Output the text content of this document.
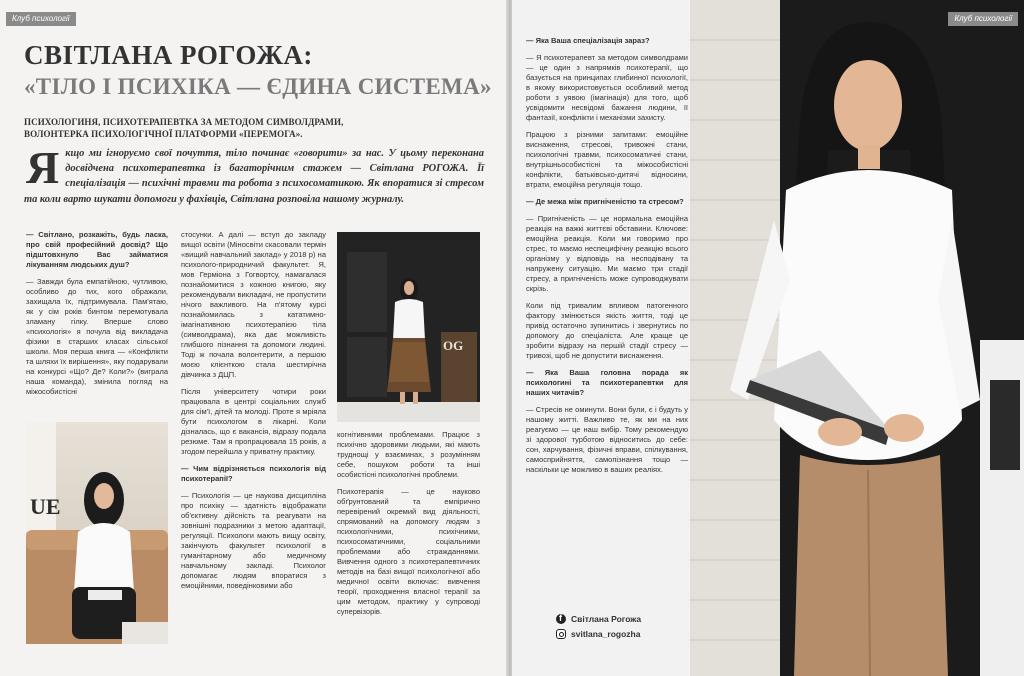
Клуб психології
СВІТЛАНА РОГОЖА:
«ТІЛО І ПСИХІКА — ЄДИНА СИСТЕМА»
ПСИХОЛОГИНЯ, ПСИХОТЕРАПЕВТКА ЗА МЕТОДОМ СИМВОЛДРАМИ,
ВОЛОНТЕРКА ПСИХОЛОГІЧНОЇ ПЛАТФОРМИ «ПЕРЕМОГА».
Я кщо ми ігноруємо свої почуття, тіло починає «говорити» за нас. У цьому переконана досвідчена психотерапевтка із багаторічним стажем — Світлана РОГОЖА. Її спеціалізація — психічні травми та робота з психосоматикою. Як впоратися зі стресом та коли варто шукати допомоги у фахівців, Світлана розповіла нашому журналу.

— Світлано, розкажіть, будь ласка, про свій професійний досвід? Що підштовхнуло Вас займатися лікуванням людських душ?

— Завжди була емпатійною, чутливою, особливо до тих, кого ображали, захищала їх, підтримувала. Пам'ятаю, як у сім років бинтом перемотувала зламану гілку. Вперше слово «психологія» я почула від викладача фізики в старших класах сільської школи. Моя перша книга — «Конфлікти та шляхи їх вирішення», яку подарували на конкурсі «Що? Де? Коли?» (виграла наша команда), змінила погляд на міжособистісні

UE

стосунки. А далі — вступ до закладу вищої освіти (Міносвіти скасовали термін «вищий навчальний заклад» у 2018 р) на психолого-природничий факультет. Я, мов Герміона з Гогвортсу, намагалася познайомитися з кожною книгою, яку рекомендували викладачі, не пропустити нічого важливого. На п'ятому курсі познайомилась з кататимно-імагінативною психотерапією тіла (символдрама), яка дає можливість глибшого пізнання та допомоги людині. Тоді ж почала волонтерити, а першою моєю клієнткою стала шестирічна дівчинка з ДЦП.

Після університету чотири роки працювала в центрі соціальних служб для сім'ї, дітей та молоді. Проте я мріяла бути психологом в лікарні. Коли дізналась, що є вакансія, відразу подала резюме. Там я пропрацювала 15 років, а згодом перейшла у приватну практику.

— Чим відрізняється психологія від психотерапії?

— Психологія — це наукова дисципліна про психіку — здатність відображати об'єктивну дійсність та реагувати на зовнішні подразники з метою адаптації, регуляції. Психологи мають вищу освіту, закінчують факультет психології в гуманітарному або медичному навчальному закладі. Психолог допомагає людям впоратися з емоційними, поведінковими або

OG

когнітивними проблемами. Працює з психічно здоровими людьми, які мають труднощі у взаєминах, з розумінням себе, пошуком роботи та іншi особистісні психологічні проблеми.

Психотерапія — це науково обґрунтований та емпірично перевірений окремий вид діяльності, спрямований на допомогу людям з психологічними, психічними, психосоматичними, соціальними проблемами або стражданнями. Вивчення одного з психотерапевтичних методів на базі вищої психологічної або медичної освіти включає: вивчення теорії, проходження власної терапії за цим методом, практику у супроводі супервізорів.

Клуб психології

— Яка Ваша спеціалізація зараз?

— Я психотерапевт за методом символдрами — це один з напрямків психотерапії, що базується на принципах глибинної психології, в якому використовується особливий метод роботи з уявою (імагінація) для того, щоб усвідомити несвідомі бажання людини, її фантазії, конфлікти і механізми захисту.

Працюю з різними запитами: емоційне виснаження, стресові, тривожні стани, психологічні травми, психосоматичні стани, внутрішньособистісні та міжособистісні конфлікти, батьківсько-дитячі відносини, втрати, емоційна регуляція тощо.

— Де межа між пригніченістю та стресом?

— Пригніченість — це нормальна емоційна реакція на важкі життєві обставини. Ключове: емоційна реакція. Коли ми говоримо про стрес, то маємо неспецифічну реакцію всього організму у відповідь на несподівану та напружену ситуацію. Ми маємо три стадії стресу, а пригніченість може супроводжувати скрізь.

Коли під тривалим впливом патогенного фактору змінюється якість життя, тоді це привід остаточно зупинитись і звернутись по допомогу до спеціаліста. Але краще це зробити відразу на першій стадії стресу — тривозі, щоб не допустити виснаження.

— Яка Ваша головна порада як психологині та психотерапевтки для наших читачів?

— Стресів не оминути. Вони були, є і будуть у нашому житті. Важливо те, як ми на них реагуємо — це наш вибір. Тому рекомендую зі здорової турботою відноситись до себе: сон, харчування, фізичні вправи, спілкування, самосприйняття, самопізнання тощо — наскільки це можливо в ваших реаліях.

f
Світлана Рогожа
svitlana_rogozha
